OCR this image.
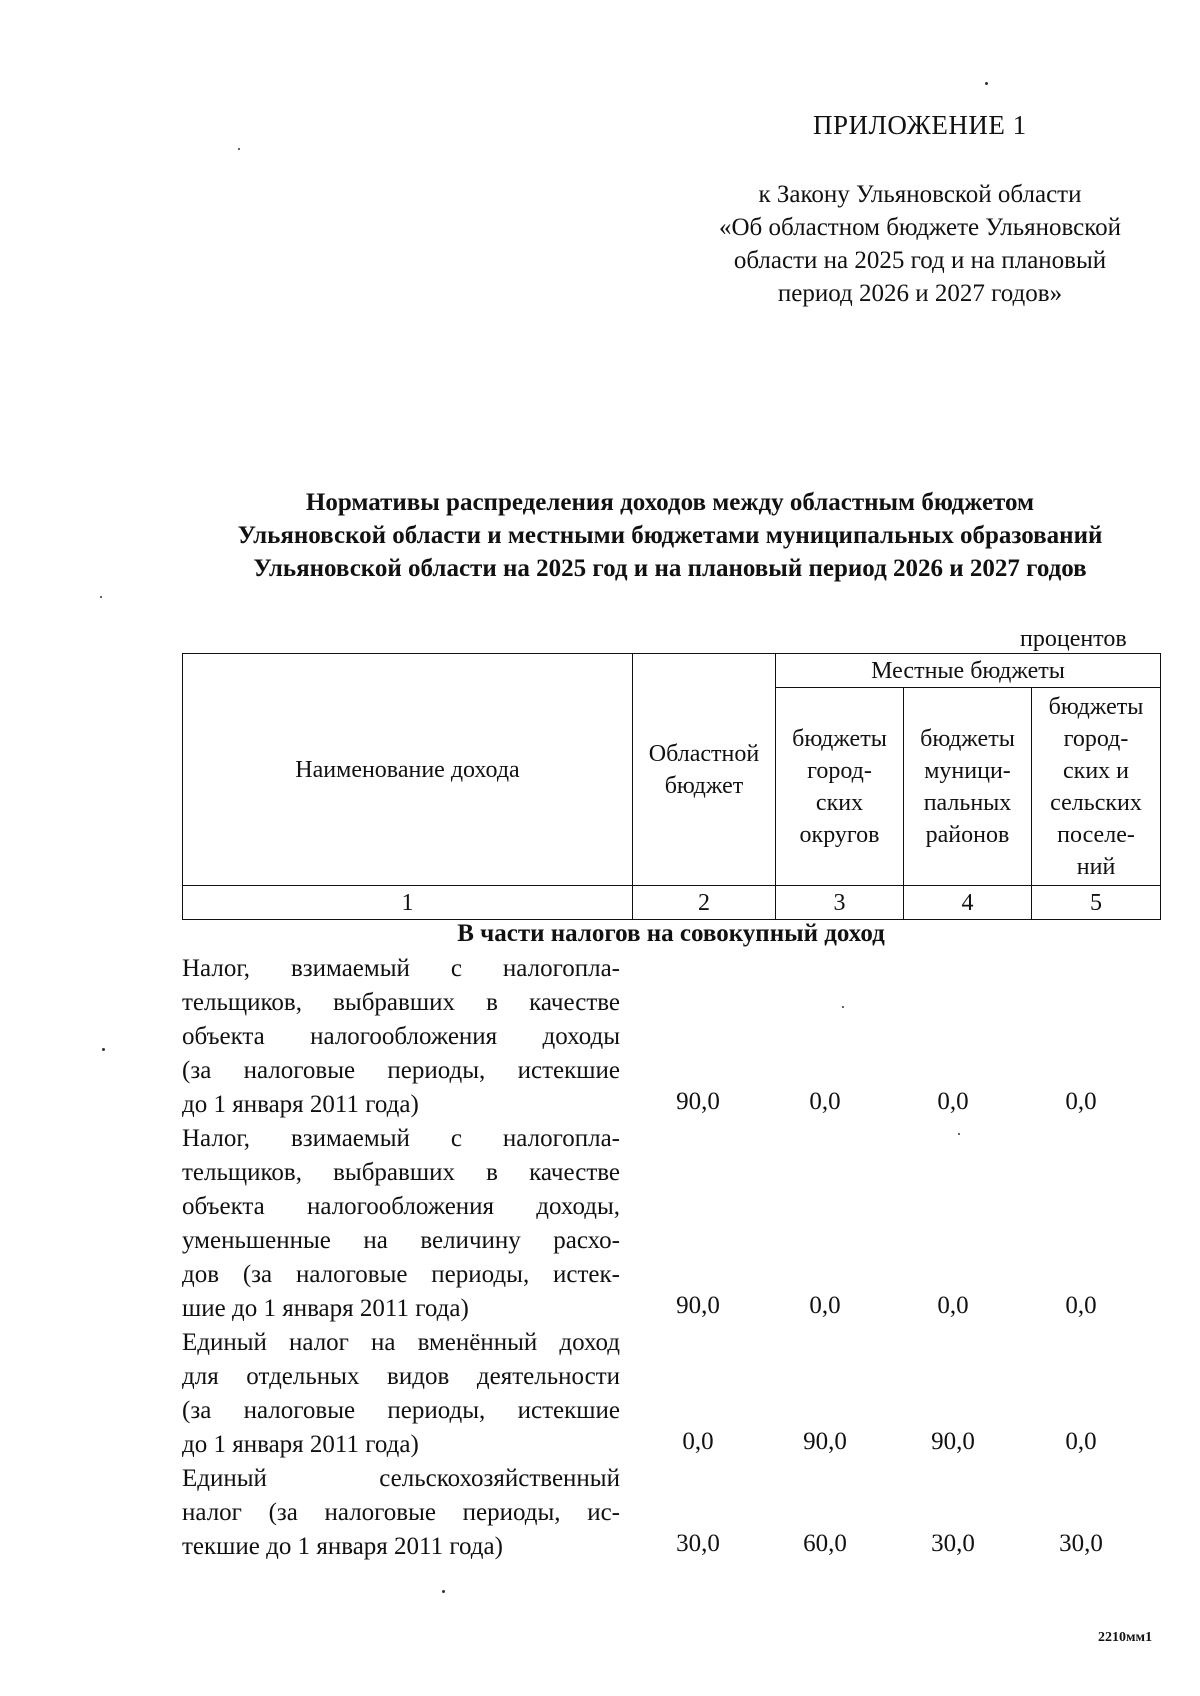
ПРИЛОЖЕНИЕ 1
к Закону Ульяновской области
«Об областном бюджете Ульяновской
области на 2025 год и на плановый
период 2026 и 2027 годов»
Нормативы распределения доходов между областным бюджетом
Ульяновской области и местными бюджетами муниципальных образований
Ульяновской области на 2025 год и на плановый период 2026 и 2027 годов
процентов
Наименование дохода	Областной бюджет	Местные бюджеты		
		бюджеты город-ских округов	бюджеты муници-пальных районов	бюджеты город-ских и сельских поселе-ний
1	2	3	4	5
В части налогов на совокупный доход
Налог, взимаемый с налогопла-
тельщиков, выбравших в качестве
объекта налогообложения доходы
(за налоговые периоды, истекшие
до 1 января 2011 года)	90,0	0,0	0,0	0,0
Налог, взимаемый с налогопла-
тельщиков, выбравших в качестве
объекта налогообложения доходы,
уменьшенные на величину расхо-
дов (за налоговые периоды, истек-
шие до 1 января 2011 года)	90,0	0,0	0,0	0,0
Единый налог на вменённый доход
для отдельных видов деятельности
(за налоговые периоды, истекшие
до 1 января 2011 года)	0,0	90,0	90,0	0,0
Единый сельскохозяйственный
налог (за налоговые периоды, ис-
текшие до 1 января 2011 года)	30,0	60,0	30,0	30,0
2210мм1
